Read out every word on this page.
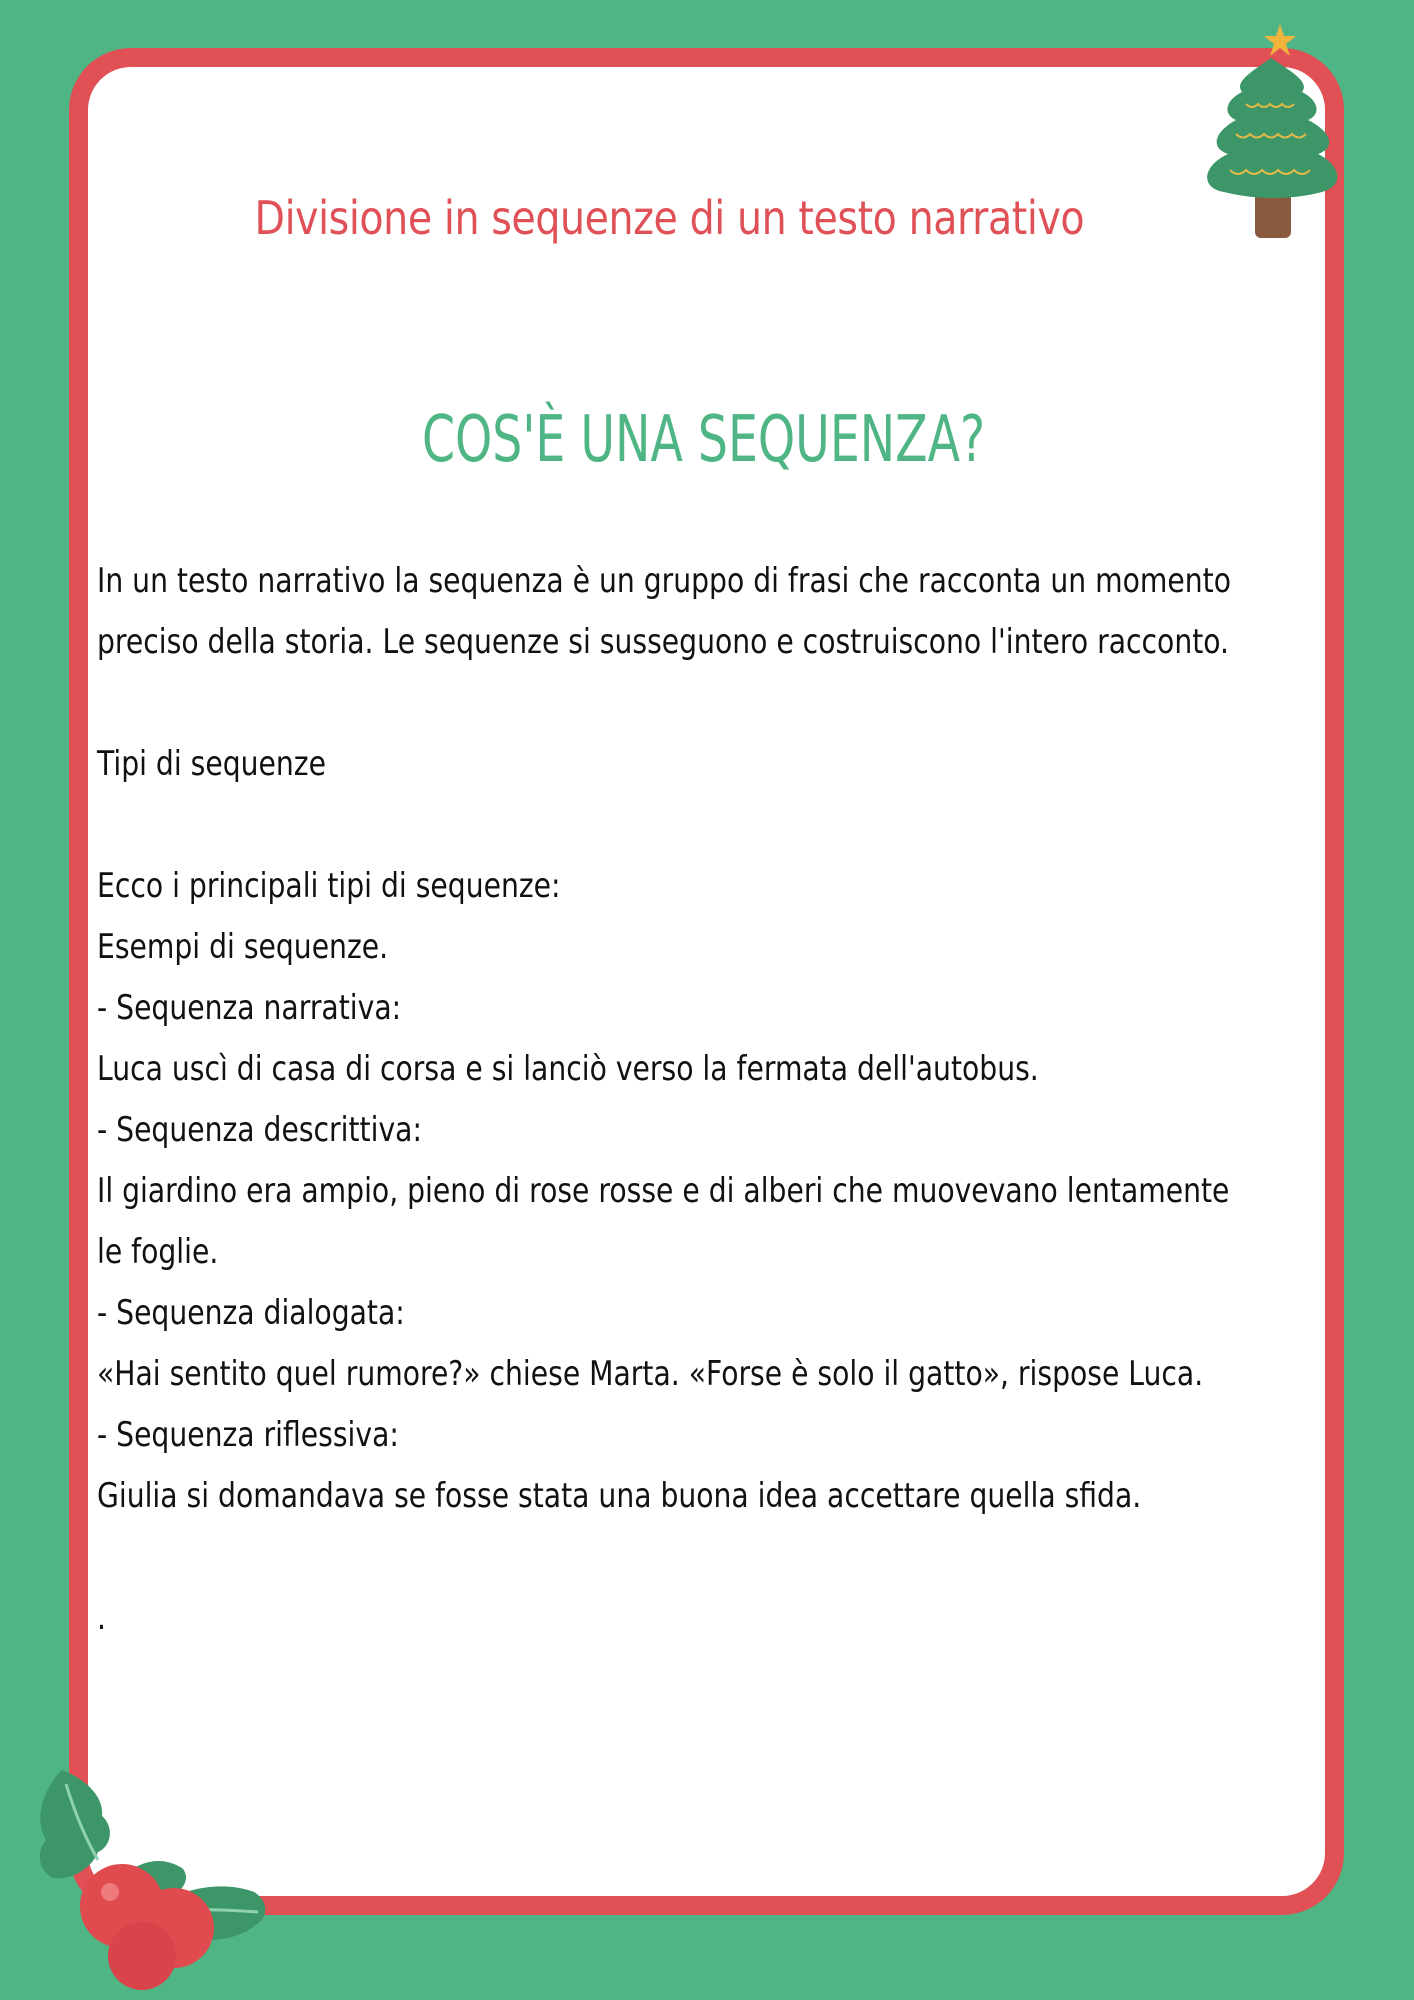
Divisione in sequenze di un testo narrativo
COS'È UNA SEQUENZA?
In un testo narrativo la sequenza è un gruppo di frasi che racconta un momento
preciso della storia. Le sequenze si susseguono e costruiscono l'intero racconto.
Tipi di sequenze
Ecco i principali tipi di sequenze:
Esempi di sequenze.
- Sequenza narrativa:
Luca uscì di casa di corsa e si lanciò verso la fermata dell'autobus.
- Sequenza descrittiva:
Il giardino era ampio, pieno di rose rosse e di alberi che muovevano lentamente
le foglie.
- Sequenza dialogata:
«Hai sentito quel rumore?» chiese Marta. «Forse è solo il gatto», rispose Luca.
- Sequenza riflessiva:
Giulia si domandava se fosse stata una buona idea accettare quella sfida.
.
